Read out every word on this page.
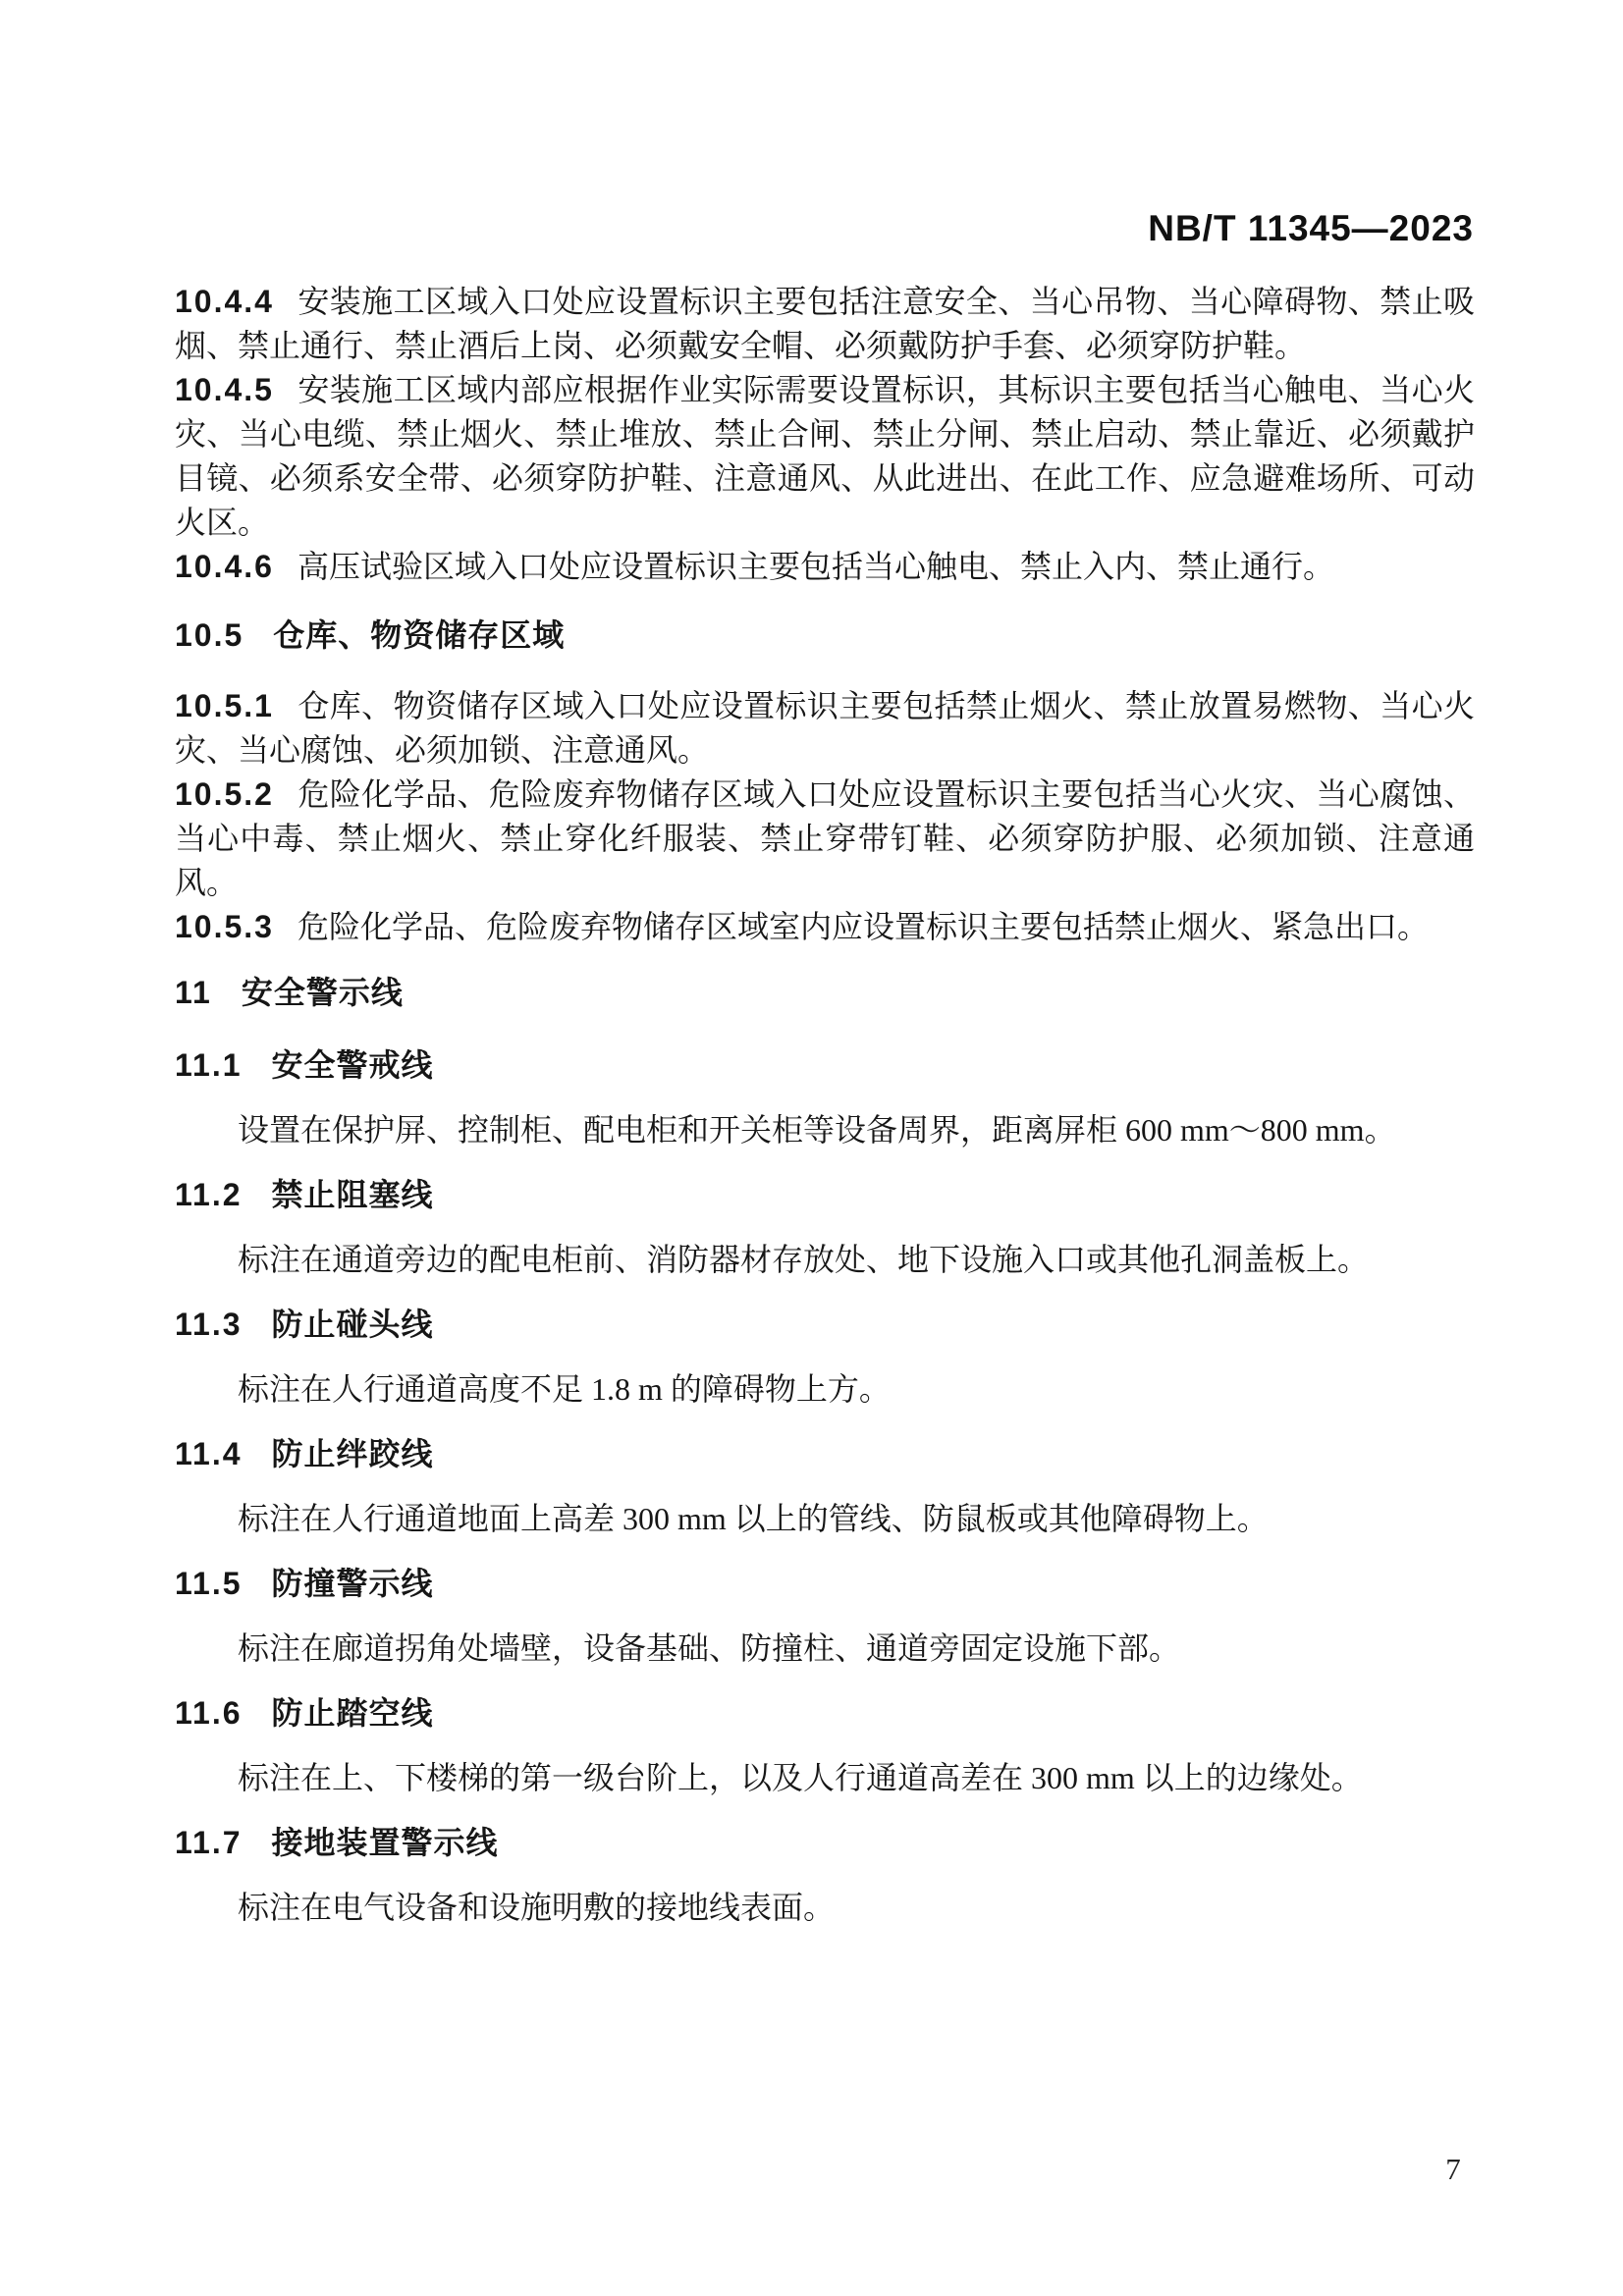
NB/T 11345—2023

10.4.4 安装施工区域入口处应设置标识主要包括注意安全、当心吊物、当心障碍物、禁止吸烟、禁止通行、禁止酒后上岗、必须戴安全帽、必须戴防护手套、必须穿防护鞋。

10.4.5 安装施工区域内部应根据作业实际需要设置标识，其标识主要包括当心触电、当心火灾、当心电缆、禁止烟火、禁止堆放、禁止合闸、禁止分闸、禁止启动、禁止靠近、必须戴护目镜、必须系安全带、必须穿防护鞋、注意通风、从此进出、在此工作、应急避难场所、可动火区。

10.4.6 高压试验区域入口处应设置标识主要包括当心触电、禁止入内、禁止通行。

10.5 仓库、物资储存区域

10.5.1 仓库、物资储存区域入口处应设置标识主要包括禁止烟火、禁止放置易燃物、当心火灾、当心腐蚀、必须加锁、注意通风。

10.5.2 危险化学品、危险废弃物储存区域入口处应设置标识主要包括当心火灾、当心腐蚀、当心中毒、禁止烟火、禁止穿化纤服装、禁止穿带钉鞋、必须穿防护服、必须加锁、注意通风。

10.5.3 危险化学品、危险废弃物储存区域室内应设置标识主要包括禁止烟火、紧急出口。

11 安全警示线
11.1 安全警戒线

设置在保护屏、控制柜、配电柜和开关柜等设备周界，距离屏柜 600 mm～800 mm。

11.2 禁止阻塞线

标注在通道旁边的配电柜前、消防器材存放处、地下设施入口或其他孔洞盖板上。

11.3 防止碰头线

标注在人行通道高度不足 1.8 m 的障碍物上方。

11.4 防止绊跤线

标注在人行通道地面上高差 300 mm 以上的管线、防鼠板或其他障碍物上。

11.5 防撞警示线

标注在廊道拐角处墙壁，设备基础、防撞柱、通道旁固定设施下部。

11.6 防止踏空线

标注在上、下楼梯的第一级台阶上，以及人行通道高差在 300 mm 以上的边缘处。

11.7 接地装置警示线

标注在电气设备和设施明敷的接地线表面。

7
